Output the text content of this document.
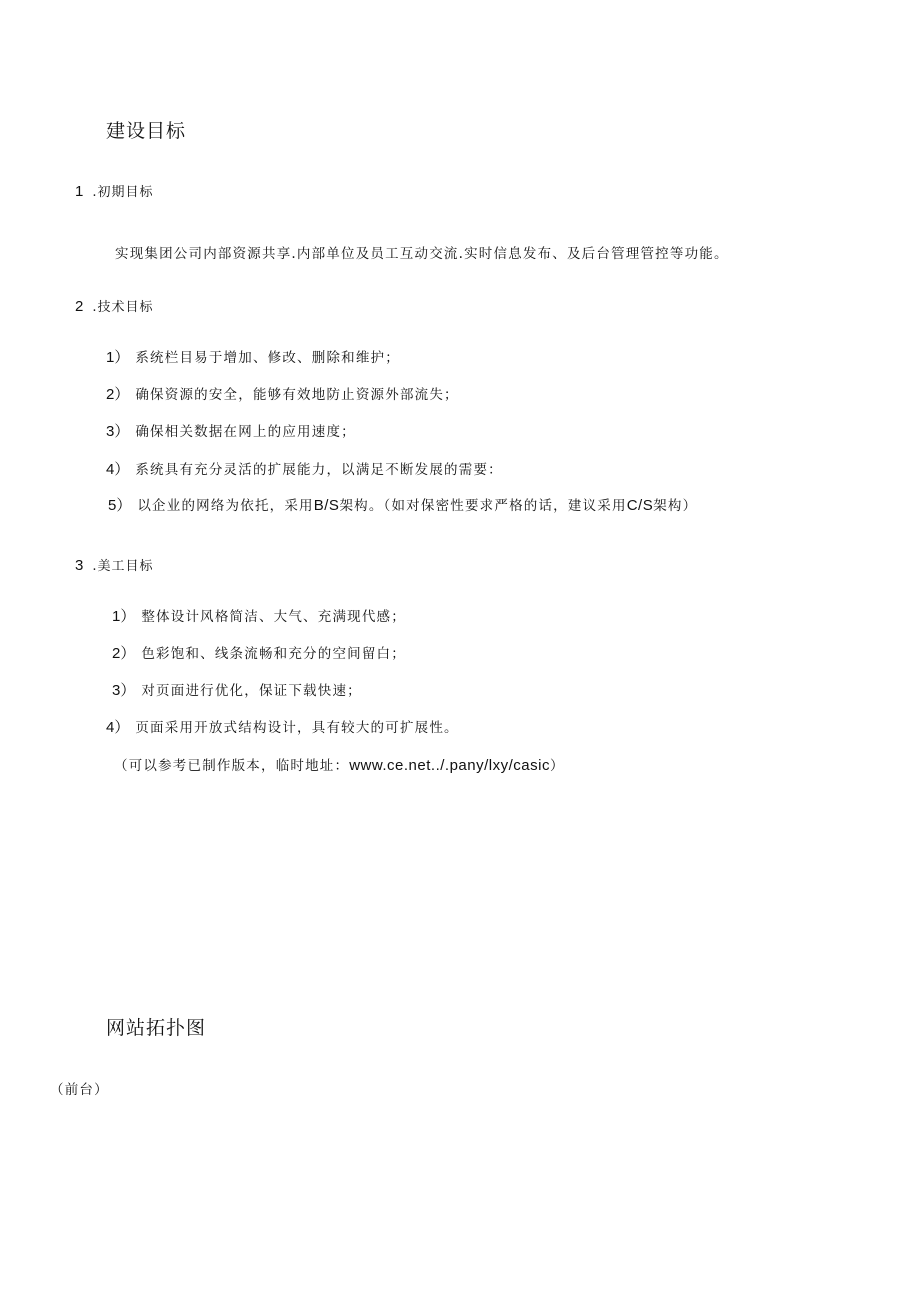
建设目标
1 .初期目标
实现集团公司内部资源共享.内部单位及员工互动交流.实时信息发布、及后台管理管控等功能。
2 .技术目标
1） 系统栏目易于增加、修改、删除和维护；
2） 确保资源的安全，能够有效地防止资源外部流失；
3） 确保相关数据在网上的应用速度；
4） 系统具有充分灵活的扩展能力，以满足不断发展的需要：
5） 以企业的网络为依托，采用B/S架构。（如对保密性要求严格的话，建议采用C/S架构）
3 .美工目标
1） 整体设计风格简洁、大气、充满现代感；
2） 色彩饱和、线条流畅和充分的空间留白；
3） 对页面进行优化，保证下载快速；
4） 页面采用开放式结构设计，具有较大的可扩展性。
（可以参考已制作版本，临时地址：www.ce.net../.pany/lxy/casic）
网站拓扑图
（前台）
